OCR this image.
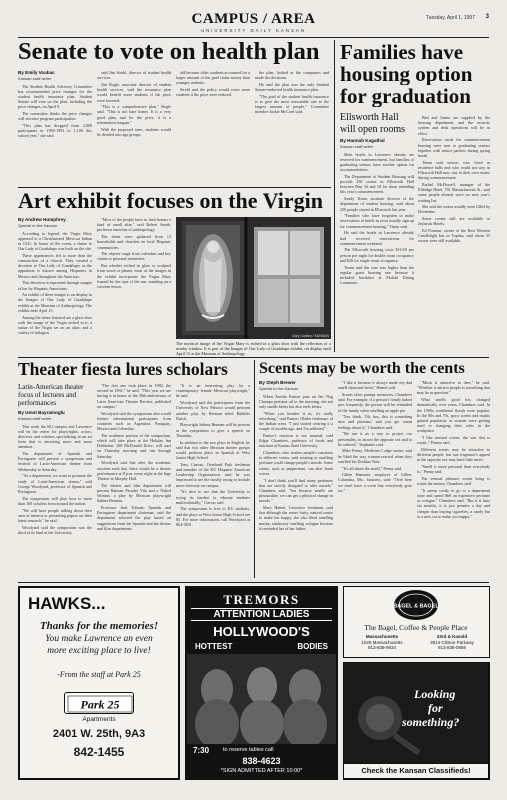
CAMPUS / AREA
UNIVERSITY DAILY KANSAN
Tuesday, April 1, 1997 3
Senate to vote on health plan
By Emily Voabac
Kansan staff writer

The Student Health Advisory Committee has recommended price changes for the student health insurance plan. Student Senate will vote on the plan, including the price changes, on April 9.

The committee thinks the price changes will increase program participation.

"This plan has dropped from 2,000 participants in 1992-1993 to 1,100 this school year," she said.

said Jim Strobl, director of student health services.

Jim Bogle, associate director of student health services, said the insurance plan would benefit more students if the price were lowered.

"This is a comprehensive plan," Bogle said. "This is not bare bones. It is a very good plan, and for the price, it is a tremendous bargain."

With the proposed rates, students would be divided into age groups.

old because older students accounted for a larger amount of the paid claim money than younger students.

Strobl said the policy would cover more students if the price were reduced.

the plan, looked at the companies and made the decisions.

He said the plan was the only Student Senate-endorsed health insurance plan.

"The goal of the student health insurance is to give the most reasonable rate to the largest amount of people," Committee member Jackie McCord said.

Families have
housing option
for graduation
Ellsworth Hall
will open rooms
By Hannah Kagathal
Kansan staff writer

Most hotels in Lawrence already are reserved for commencement, but families of graduating seniors have another option for accommodations.

The Department of Student Housing will provide 250 rooms in Ellsworth Hall between May 16 and 18 for those attending this year's commencement.

Sandy Timm, assistant director of the department of student housing, said about 250 people stayed in Ellsworth last year.

"Families who have forgotten to make reservations at hotels in town usually sign up for commencement housing," Timm said.

He said the hotels in Lawrence already had received reservations for commencement weekend.

The Ellsworth housing costs $16.50 per person per night for double room occupancy and $20 for single room occupancy.

Timm said the cost was higher than the regular guest housing rate because it included breakfast at Ekdahl Dining Commons.

Bed and linens are supplied by the housing department, and the security system and desk operations will be in effect.

Reservation cards for commencement housing were sent to graduating seniors together with senior packets during spring break.

Timm said seniors who lived in residence halls and who could not stay in Ellsworth Hall may stay in their own rooms during commencement.

Rachel McDowell, manager of the Eldridge Hotel, 701 Massachusetts St., said some people already were on next year's waiting list.

She said the rooms usually were filled by December.

Some rooms still are available at Jayhawk Hotels.

Ed Porman, owner of the Best Western Candlelight Inn in Topeka, said about 35 rooms were still available.

Art exhibit focuses on the Virgin
By Andrew Humphrey
Special to the Kansan

According to legend, the Virgin Mary appeared to a Christianized Mexican Indian in 1531. In honor of the event, a shrine to Our Lady of Guadalupe was built on the site.

These appearances led to more than the construction of a church. They created a devotion to Our Lady of Guadalupe, as the apparition is known among Hispanics in Mexico and throughout the Americas.

This devotion is expressed through images of her by Hispanic Americans.

An exhibit of these images is on display in the Images of Our Lady of Guadalupe exhibit at the Museum of Anthropology. The exhibit ends April 13.

Among the items featured are a glass door with the image of the Virgin etched in it; a statue of the Virgin set on an altar; and a variety of milagros.

"Most of the people have in their homes a kind of small altar," said Robert Smith, professor emeritus of anthropology.

The items were gathered from 12 households and churches in local Hispanic communities.

The objects range from calendars and key chains to personal mementos.

But whether etched in glass or sculpted from wood or plaster, most of the images in the exhibit incorporate the Virgin Mary framed by the rays of the sun, standing on a crescent moon.

Gary Carlton / KANSAN
The mystical image of the Virgin Mary is etched in a glass door with the reflection of a nearby window. It is part of the Images of Our Lady of Guadalupe exhibit, on display until April 13 at the Museum of Anthropology.
Theater fiesta lures scholars
Latin-American theater focus of lectures and performances
By Umut Bayramoglu
Kansan staff writer

This week the KU campus and Lawrence will be the center for playwrights, actors, directors and scholars specializing in an art form that is attracting more and more attention.

The department of Spanish and Portuguese will present a symposium and festival of Latin-American theater from Wednesday to Saturday.

"As a department, we want to promote the study of Latin-American drama," said George Woodyard, professor of Spanish and Portuguese.

The symposium will play host to more than 100 scholars from around the nation.

"We will have people talking about their area of interest or presenting papers on their latest research," he said.

Woodyard said the symposium was the third of its kind at the University.

"The first one took place in 1982, the second in 1992," he said. "This year we are having it in honor of the 30th anniversary of Latin American Theatre Review, published on campus."

Woodyard said the symposium also would feature international participants from countries such as Argentina, Paraguay, Mexico and Colombia.

The academic portion of the symposium, which will take place at the Holiday Inn Holidome, 200 McDonald Drive, will start on Thursday morning and run through Saturday.

Woodyard said that after the academic sessions each day, there would be a theater performance at 8 p.m. every night at the Inge Theater in Murphy Hall.

The theater and film department will present Batman Parades Vila and a Naked Woman, a play by Mexican playwright Sabina Berman.

Professor Jack Tolman, Spanish and Portuguese department chairman, said the department selected the play based on suggestions from the Spanish and the theater and film departments.

"It is an interesting play by a contemporary female Mexican playwright," he said.

Woodyard said the participants from the University of New Mexico would perform another play by Berman titled Bubbles Dutch.

Playwright Sabina Berman will be present at the symposium to give a speech on Thursday.

In addition to the two plays in English, he said that two other Mexican theater groups would perform plays in Spanish at West Junior High School.

Tony Cuevas, Overland Park freshman and member of the KU Hispanic American Leadership Organization, said he was impressed to see the faculty trying to include more diversity on campus.

"It's nice to see that the University is trying its hardest to educate students multiculturally," Cuevas said.

The symposium is free to KU students, and the plays at West Junior High School are $5. For more information, call Woodyard at 864-3851.

Scents may be worth the cents
By Steph Brewer
Special to the Kansan

When Aresha Pantoe puts on her Nag Champa perfume oil in the morning, she not only smells better but also feels better.

"When you breathe it in, it's really refreshing," said Pantoe, Olathe freshman, of the Indian scent. "I just started wearing it a couple of months ago, and I'm addicted."

Pantoe's reaction is not unusual, said Edgar Chambers, professor of foods and nutrition at Kansas State University.

Chambers, who studies people's reactions to different scents, said wearing or smelling perfume could change people's moods. Some scents, such as peppermint, can alter brain waves.

"I don't think you'll find many perfumes that are strictly designed to alter moods," Chambers said, "but because smells are pleasurable, we can get a physical change in moods."

Mary Hamel, Lawrence freshman, said that although she wears fruity, natural scents to make her happy, she also liked smelling musky, outdoorsy smelling cologne because it reminded her of her father.

"I like it because it always made my dad smell clean and fresh," Hamel said.

Scents often prompt memories, Chambers said. For example, if a person's family baked pies frequently, the person will be reminded of the family when smelling an apple pie.

"You think, 'Oh, boy, this is something nice and pleasant,' and you get warm feelings about it," Chambers said.

"We use it as a way to project our personality, to attract the opposite sex and to be ordered," Stephanie said.

Mike Penny, Medicine Lodge senior, said he liked the way women reacted when they smelled his Drakkar Noir.

"It's all about the smell," Penny said.

Gillen Hammes, employee of Gillen, Columbia, Mo., business, said: "Over here we don't have a scent that everybody goes for."

"Musk is attractive to deer," he said. "Whether it attracts people is something that may be in question."

What smells good has changed dramatically over years, Chambers said. In the 1960s, traditional florals were popular. In the 80s and 70s, spicy scents and musks gained popularity as women were getting used to changing their roles in the workplace.

"I like sensual scents, the sort that is exotic," Pantoe said.

Different scents may be attractive to different people, but one fragrance's appeal to the opposite sex may have little merit.

"Smell is more personal than everybody is," Penny said.

The sensual pleasure scents bring is worth the money, Chambers said.

"It seems costly to go to a department store and spend $60 on expensive perfume or cologne," Chambers said. "But if it lasts six months, it is just pennies a day and cheaper than buying cigarettes, a candy bar or a new car to make you happy."

HAWKS...
Thanks for the memories!
You make Lawrence an even
more exciting place to live!
-From the staff at Park 25
Park 25
Apartments
2401 W. 25th, 9A3
842-1455
TREMORS
ATTENTION LADIES
HOLLYWOOD'S
HOTTEST	BODIES
7:30	to reserve tables call
838-4623
*SIGN ADMITTED AFTER 10:00*
BAGEL & BAGEL
The Bagel, Coffee & People Place
Massachusetts
1026 Massachusetts
913-838-9934
23rd & Kasold
3914 Clinton Parkway
913-838-0856
Looking
for
something?
Check the Kansan Classifieds!
